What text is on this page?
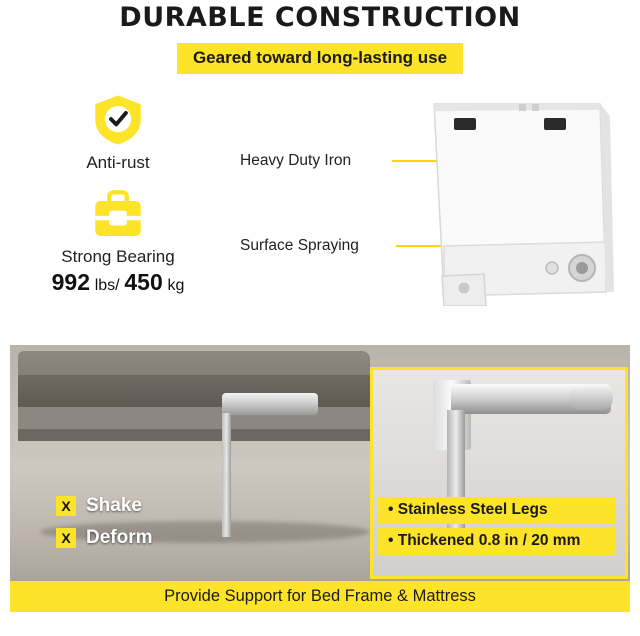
DURABLE CONSTRUCTION
Geared toward long-lasting use
Anti-rust
Strong Bearing
992 lbs/ 450 kg
Heavy Duty Iron
Surface Spraying
X Shake
X Deform
• Stainless Steel Legs
• Thickened 0.8 in / 20 mm
Provide Support for Bed Frame & Mattress
